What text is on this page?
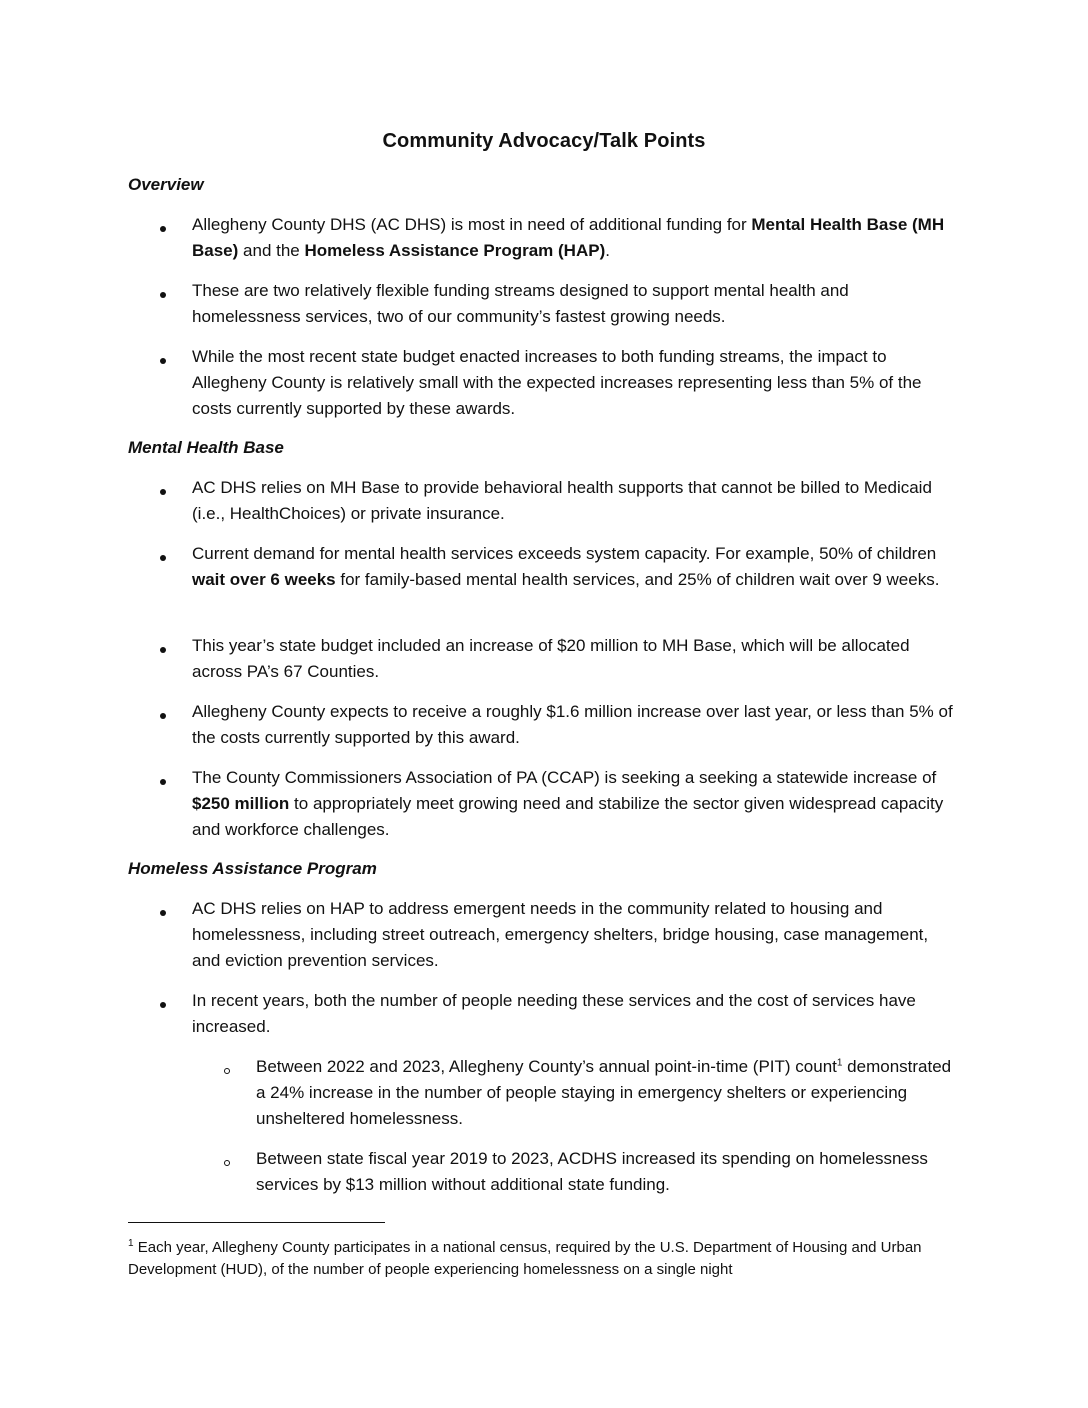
Community Advocacy/Talk Points
Overview
Allegheny County DHS (AC DHS) is most in need of additional funding for Mental Health Base (MH Base) and the Homeless Assistance Program (HAP).
These are two relatively flexible funding streams designed to support mental health and homelessness services, two of our community’s fastest growing needs.
While the most recent state budget enacted increases to both funding streams, the impact to Allegheny County is relatively small with the expected increases representing less than 5% of the costs currently supported by these awards.
Mental Health Base
AC DHS relies on MH Base to provide behavioral health supports that cannot be billed to Medicaid (i.e., HealthChoices) or private insurance.
Current demand for mental health services exceeds system capacity. For example, 50% of children wait over 6 weeks for family-based mental health services, and 25% of children wait over 9 weeks.
This year’s state budget included an increase of $20 million to MH Base, which will be allocated across PA’s 67 Counties.
Allegheny County expects to receive a roughly $1.6 million increase over last year, or less than 5% of the costs currently supported by this award.
The County Commissioners Association of PA (CCAP) is seeking a seeking a statewide increase of $250 million to appropriately meet growing need and stabilize the sector given widespread capacity and workforce challenges.
Homeless Assistance Program
AC DHS relies on HAP to address emergent needs in the community related to housing and homelessness, including street outreach, emergency shelters, bridge housing, case management, and eviction prevention services.
In recent years, both the number of people needing these services and the cost of services have increased.
Between 2022 and 2023, Allegheny County’s annual point-in-time (PIT) count$^1$ demonstrated a 24% increase in the number of people staying in emergency shelters or experiencing unsheltered homelessness.
Between state fiscal year 2019 to 2023, ACDHS increased its spending on homelessness services by $13 million without additional state funding.
$^1$ Each year, Allegheny County participates in a national census, required by the U.S. Department of Housing and Urban Development (HUD), of the number of people experiencing homelessness on a single night
